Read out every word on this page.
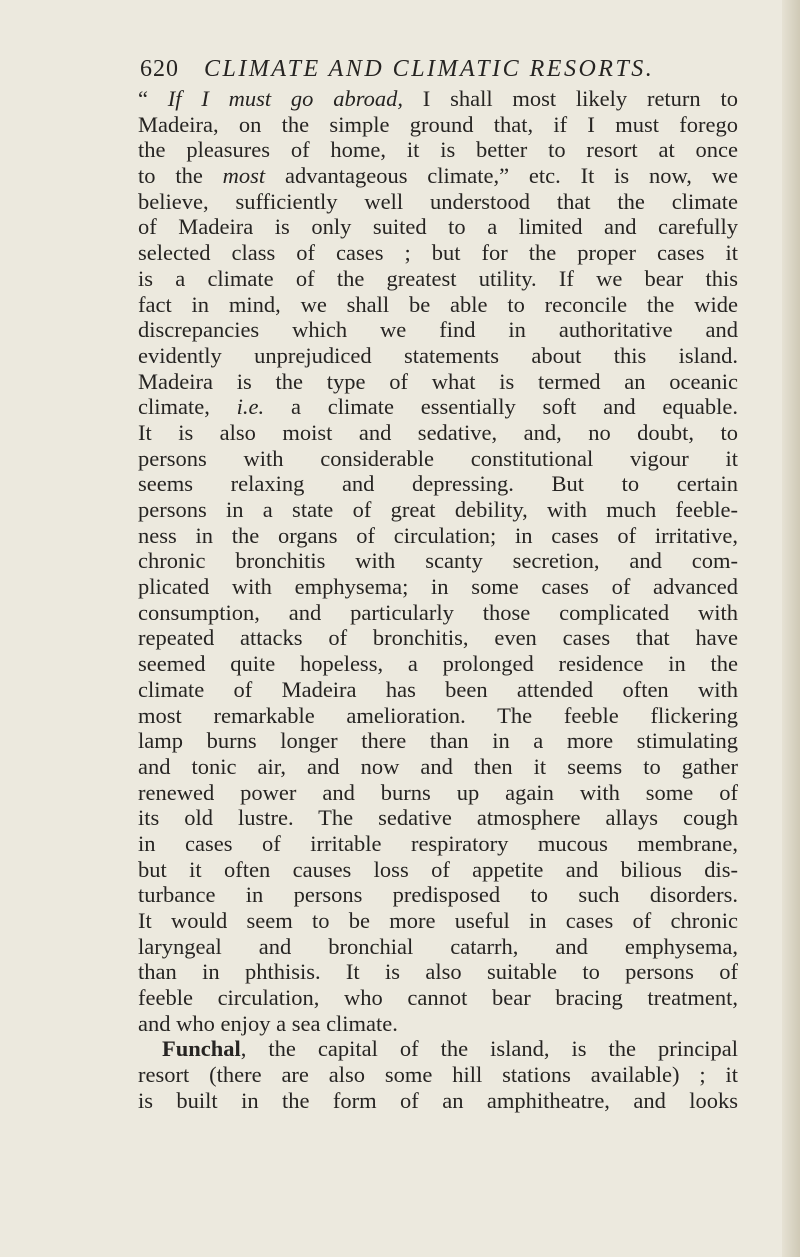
620 CLIMATE AND CLIMATIC RESORTS.
“ If I must go abroad, I shall most likely return to
Madeira, on the simple ground that, if I must forego
the pleasures of home, it is better to resort at once
to the most advantageous climate,” etc. It is now, we
believe, sufficiently well understood that the climate
of Madeira is only suited to a limited and carefully
selected class of cases ; but for the proper cases it
is a climate of the greatest utility. If we bear this
fact in mind, we shall be able to reconcile the wide
discrepancies which we find in authoritative and
evidently unprejudiced statements about this island.
Madeira is the type of what is termed an oceanic
climate, i.e. a climate essentially soft and equable.
It is also moist and sedative, and, no doubt, to
persons with considerable constitutional vigour it
seems relaxing and depressing. But to certain
persons in a state of great debility, with much feeble-
ness in the organs of circulation; in cases of irritative,
chronic bronchitis with scanty secretion, and com-
plicated with emphysema; in some cases of advanced
consumption, and particularly those complicated with
repeated attacks of bronchitis, even cases that have
seemed quite hopeless, a prolonged residence in the
climate of Madeira has been attended often with
most remarkable amelioration. The feeble flickering
lamp burns longer there than in a more stimulating
and tonic air, and now and then it seems to gather
renewed power and burns up again with some of
its old lustre. The sedative atmosphere allays cough
in cases of irritable respiratory mucous membrane,
but it often causes loss of appetite and bilious dis-
turbance in persons predisposed to such disorders.
It would seem to be more useful in cases of chronic
laryngeal and bronchial catarrh, and emphysema,
than in phthisis. It is also suitable to persons of
feeble circulation, who cannot bear bracing treatment,
and who enjoy a sea climate.
Funchal, the capital of the island, is the principal
resort (there are also some hill stations available) ; it
is built in the form of an amphitheatre, and looks
